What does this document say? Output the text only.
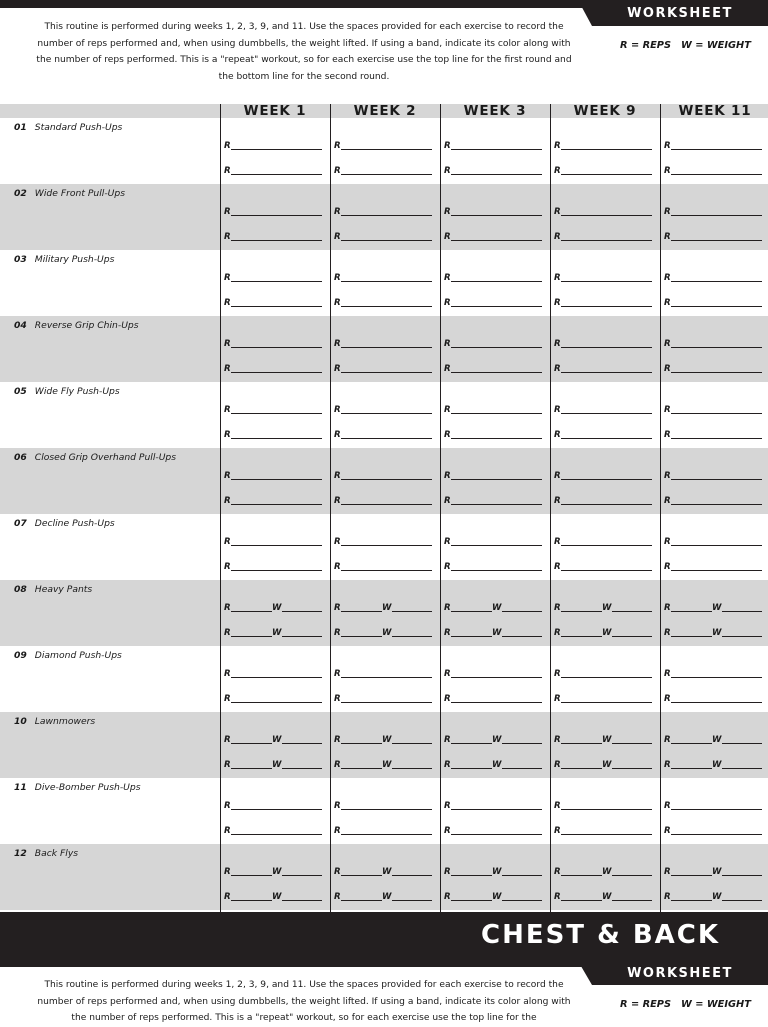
WORKSHEET
This routine is performed during weeks 1, 2, 3, 9, and 11. Use the spaces provided for each exercise to record the number of reps performed and, when using dumbbells, the weight lifted. If using a band, indicate its color along with the number of reps performed. This is a "repeat" workout, so for each exercise use the top line for the first round and the bottom line for the second round.
R = REPS W = WEIGHT
01 Standard Push-Ups
R	R	R	R	R
R	R	R	R	R
02 Wide Front Pull-Ups
R	R	R	R	R
R	R	R	R	R
03 Military Push-Ups
R	R	R	R	R
R	R	R	R	R
04 Reverse Grip Chin-Ups
R	R	R	R	R
R	R	R	R	R
05 Wide Fly Push-Ups
R	R	R	R	R
R	R	R	R	R
06 Closed Grip Overhand Pull-Ups
R	R	R	R	R
R	R	R	R	R
07 Decline Push-Ups
R	R	R	R	R
R	R	R	R	R
08 Heavy Pants
R	W	R	W	R	W	R	W	R	W
R	W	R	W	R	W	R	W	R	W
09 Diamond Push-Ups
R	R	R	R	R
R	R	R	R	R
10 Lawnmowers
R	W	R	W	R	W	R	W	R	W
R	W	R	W	R	W	R	W	R	W
11 Dive-Bomber Push-Ups
R	R	R	R	R
R	R	R	R	R
12 Back Flys
R	W	R	W	R	W	R	W	R	W
R	W	R	W	R	W	R	W	R	W
WEEK 1	WEEK 2	WEEK 3	WEEK 9	WEEK 11
CHEST & BACK
WORKSHEET
This routine is performed during weeks 1, 2, 3, 9, and 11. Use the spaces provided for each exercise to record the number of reps performed and, when using dumbbells, the weight lifted. If using a band, indicate its color along with the number of reps performed. This is a "repeat" workout, so for each exercise use the top line for the
R = REPS W = WEIGHT
